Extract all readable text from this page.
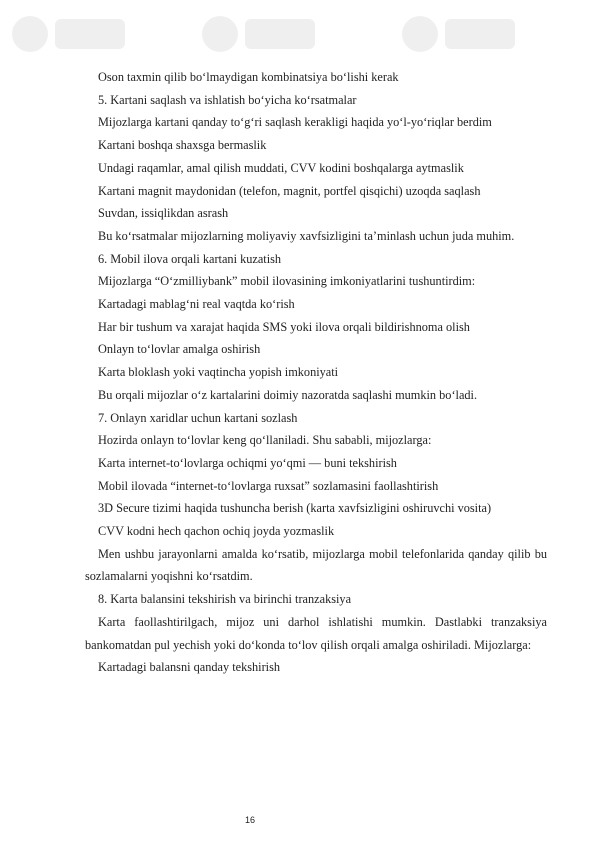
Oson taxmin qilib bo‘lmaydigan kombinatsiya bo‘lishi kerak

5. Kartani saqlash va ishlatish bo‘yicha ko‘rsatmalar

Mijozlarga kartani qanday to‘g‘ri saqlash kerakligi haqida yo‘l-yo‘riqlar berdim

Kartani boshqa shaxsga bermaslik

Undagi raqamlar, amal qilish muddati, CVV kodini boshqalarga aytmaslik

Kartani magnit maydonidan (telefon, magnit, portfel qisqichi) uzoqda saqlash

Suvdan, issiqlikdan asrash

Bu ko‘rsatmalar mijozlarning moliyaviy xavfsizligini ta’minlash uchun juda muhim.

6. Mobil ilova orqali kartani kuzatish

Mijozlarga “O‘zmilliybank” mobil ilovasining imkoniyatlarini tushuntirdim:

Kartadagi mablag‘ni real vaqtda ko‘rish

Har bir tushum va xarajat haqida SMS yoki ilova orqali bildirishnoma olish

Onlayn to‘lovlar amalga oshirish

Karta bloklash yoki vaqtincha yopish imkoniyati

Bu orqali mijozlar o‘z kartalarini doimiy nazoratda saqlashi mumkin bo‘ladi.

7. Onlayn xaridlar uchun kartani sozlash

Hozirda onlayn to‘lovlar keng qo‘llaniladi. Shu sababli, mijozlarga:

Karta internet-to‘lovlarga ochiqmi yo‘qmi — buni tekshirish

Mobil ilovada “internet-to‘lovlarga ruxsat” sozlamasini faollashtirish

3D Secure tizimi haqida tushuncha berish (karta xavfsizligini oshiruvchi vosita)

CVV kodni hech qachon ochiq joyda yozmaslik

Men ushbu jarayonlarni amalda ko‘rsatib, mijozlarga mobil telefonlarida qanday qilib bu sozlamalarni yoqishni ko‘rsatdim.

8. Karta balansini tekshirish va birinchi tranzaksiya

Karta faollashtirilgach, mijoz uni darhol ishlatishi mumkin. Dastlabki tranzaksiya bankomatdan pul yechish yoki do‘konda to‘lov qilish orqali amalga oshiriladi. Mijozlarga:

Kartadagi balansni qanday tekshirish

16
